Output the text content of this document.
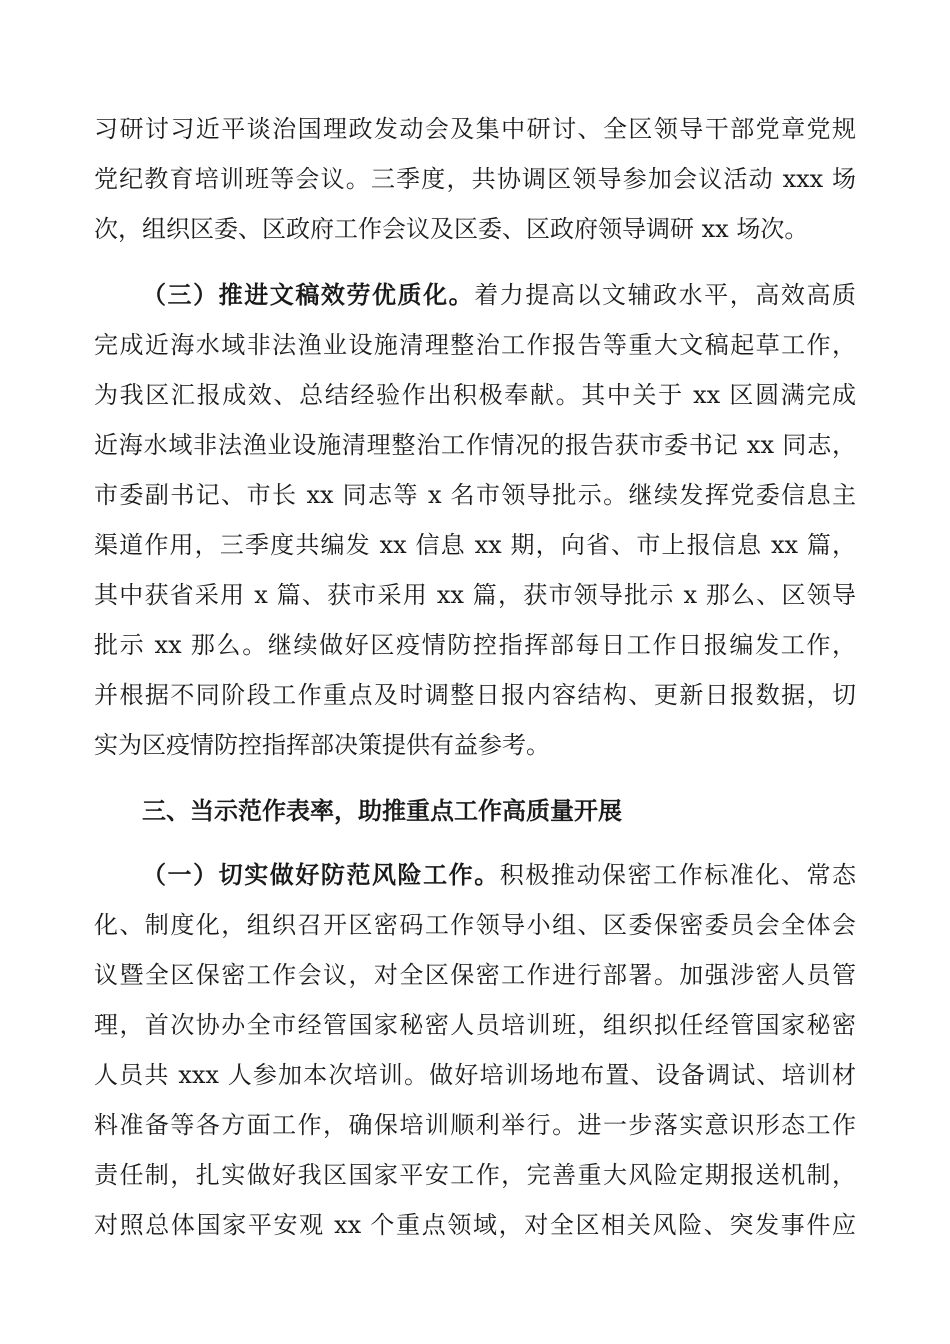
习研讨习近平谈治国理政发动会及集中研讨、全区领导干部党章党规
党纪教育培训班等会议。三季度，共协调区领导参加会议活动 xxx 场
次，组织区委、区政府工作会议及区委、区政府领导调研 xx 场次。
（三）推进文稿效劳优质化。着力提高以文辅政水平，高效高质
完成近海水域非法渔业设施清理整治工作报告等重大文稿起草工作，
为我区汇报成效、总结经验作出积极奉献。其中关于 xx 区圆满完成
近海水域非法渔业设施清理整治工作情况的报告获市委书记 xx 同志，
市委副书记、市长 xx 同志等 x 名市领导批示。继续发挥党委信息主
渠道作用，三季度共编发 xx 信息 xx 期，向省、市上报信息 xx 篇，
其中获省采用 x 篇、获市采用 xx 篇，获市领导批示 x 那么、区领导
批示 xx 那么。继续做好区疫情防控指挥部每日工作日报编发工作，
并根据不同阶段工作重点及时调整日报内容结构、更新日报数据，切
实为区疫情防控指挥部决策提供有益参考。
三、当示范作表率，助推重点工作高质量开展
（一）切实做好防范风险工作。积极推动保密工作标准化、常态
化、制度化，组织召开区密码工作领导小组、区委保密委员会全体会
议暨全区保密工作会议，对全区保密工作进行部署。加强涉密人员管
理，首次协办全市经管国家秘密人员培训班，组织拟任经管国家秘密
人员共 xxx 人参加本次培训。做好培训场地布置、设备调试、培训材
料准备等各方面工作，确保培训顺利举行。进一步落实意识形态工作
责任制，扎实做好我区国家平安工作，完善重大风险定期报送机制，
对照总体国家平安观 xx 个重点领域，对全区相关风险、突发事件应
